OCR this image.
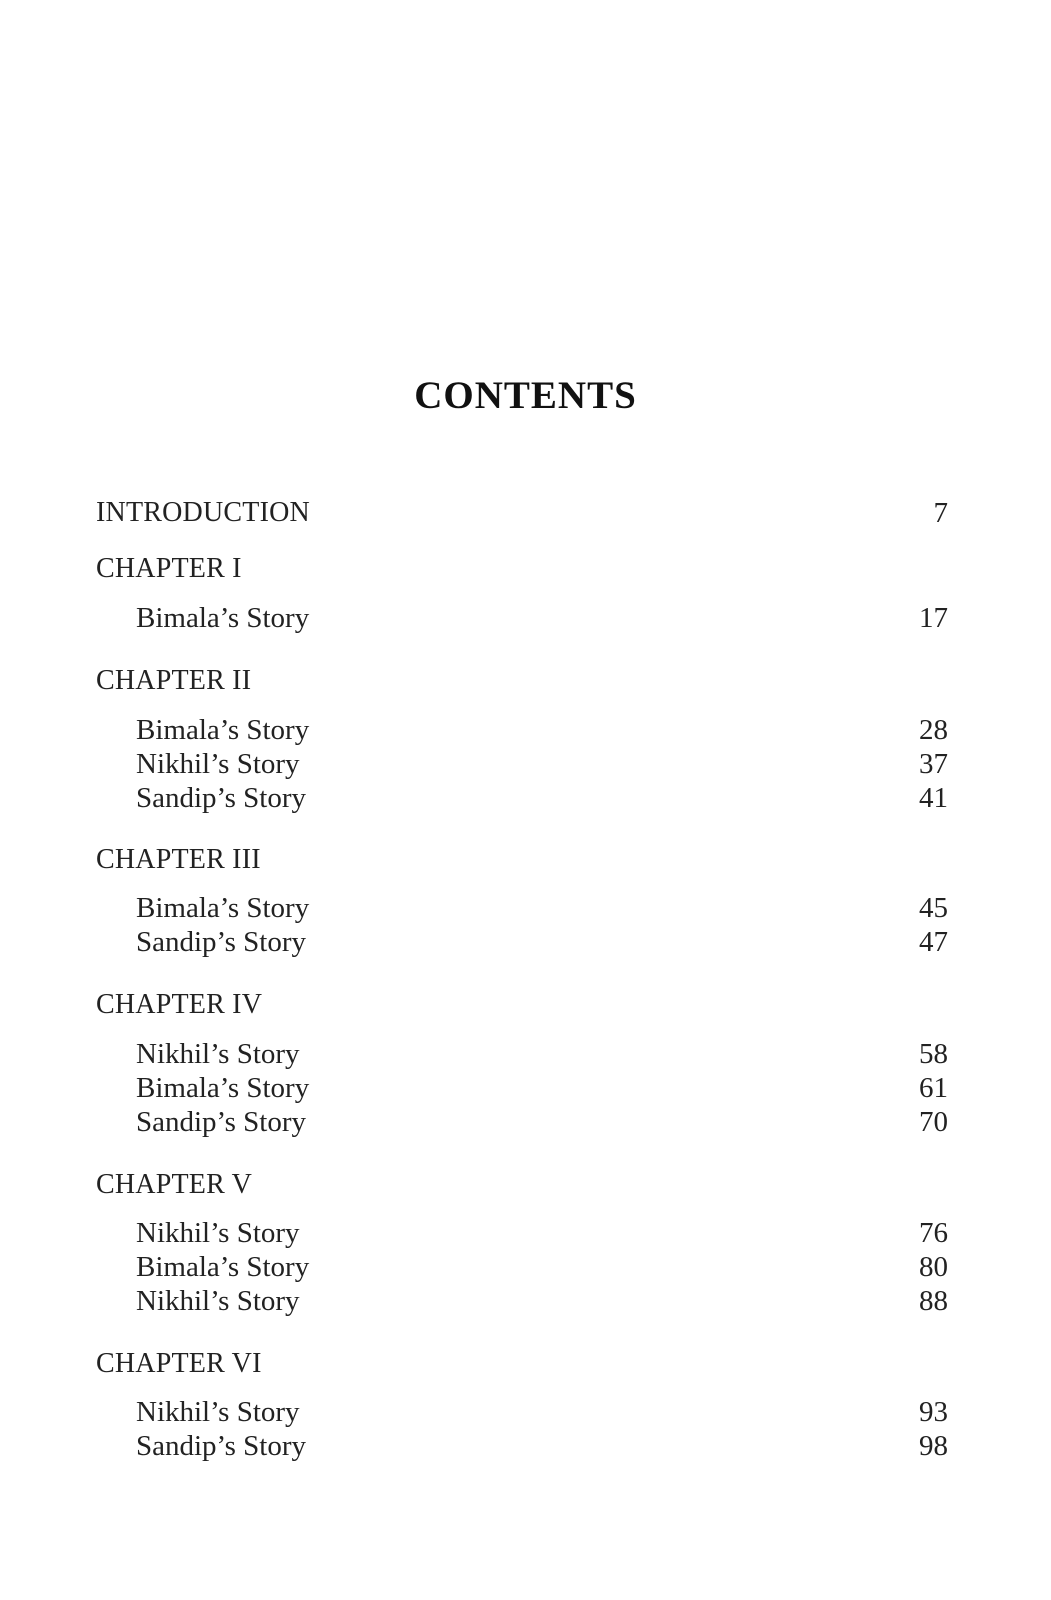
CONTENTS
INTRODUCTION	7
CHAPTER I
Bimala’s Story	17
CHAPTER II
Bimala’s Story	28
Nikhil’s Story	37
Sandip’s Story	41
CHAPTER III
Bimala’s Story	45
Sandip’s Story	47
CHAPTER IV
Nikhil’s Story	58
Bimala’s Story	61
Sandip’s Story	70
CHAPTER V
Nikhil’s Story	76
Bimala’s Story	80
Nikhil’s Story	88
CHAPTER VI
Nikhil’s Story	93
Sandip’s Story	98
